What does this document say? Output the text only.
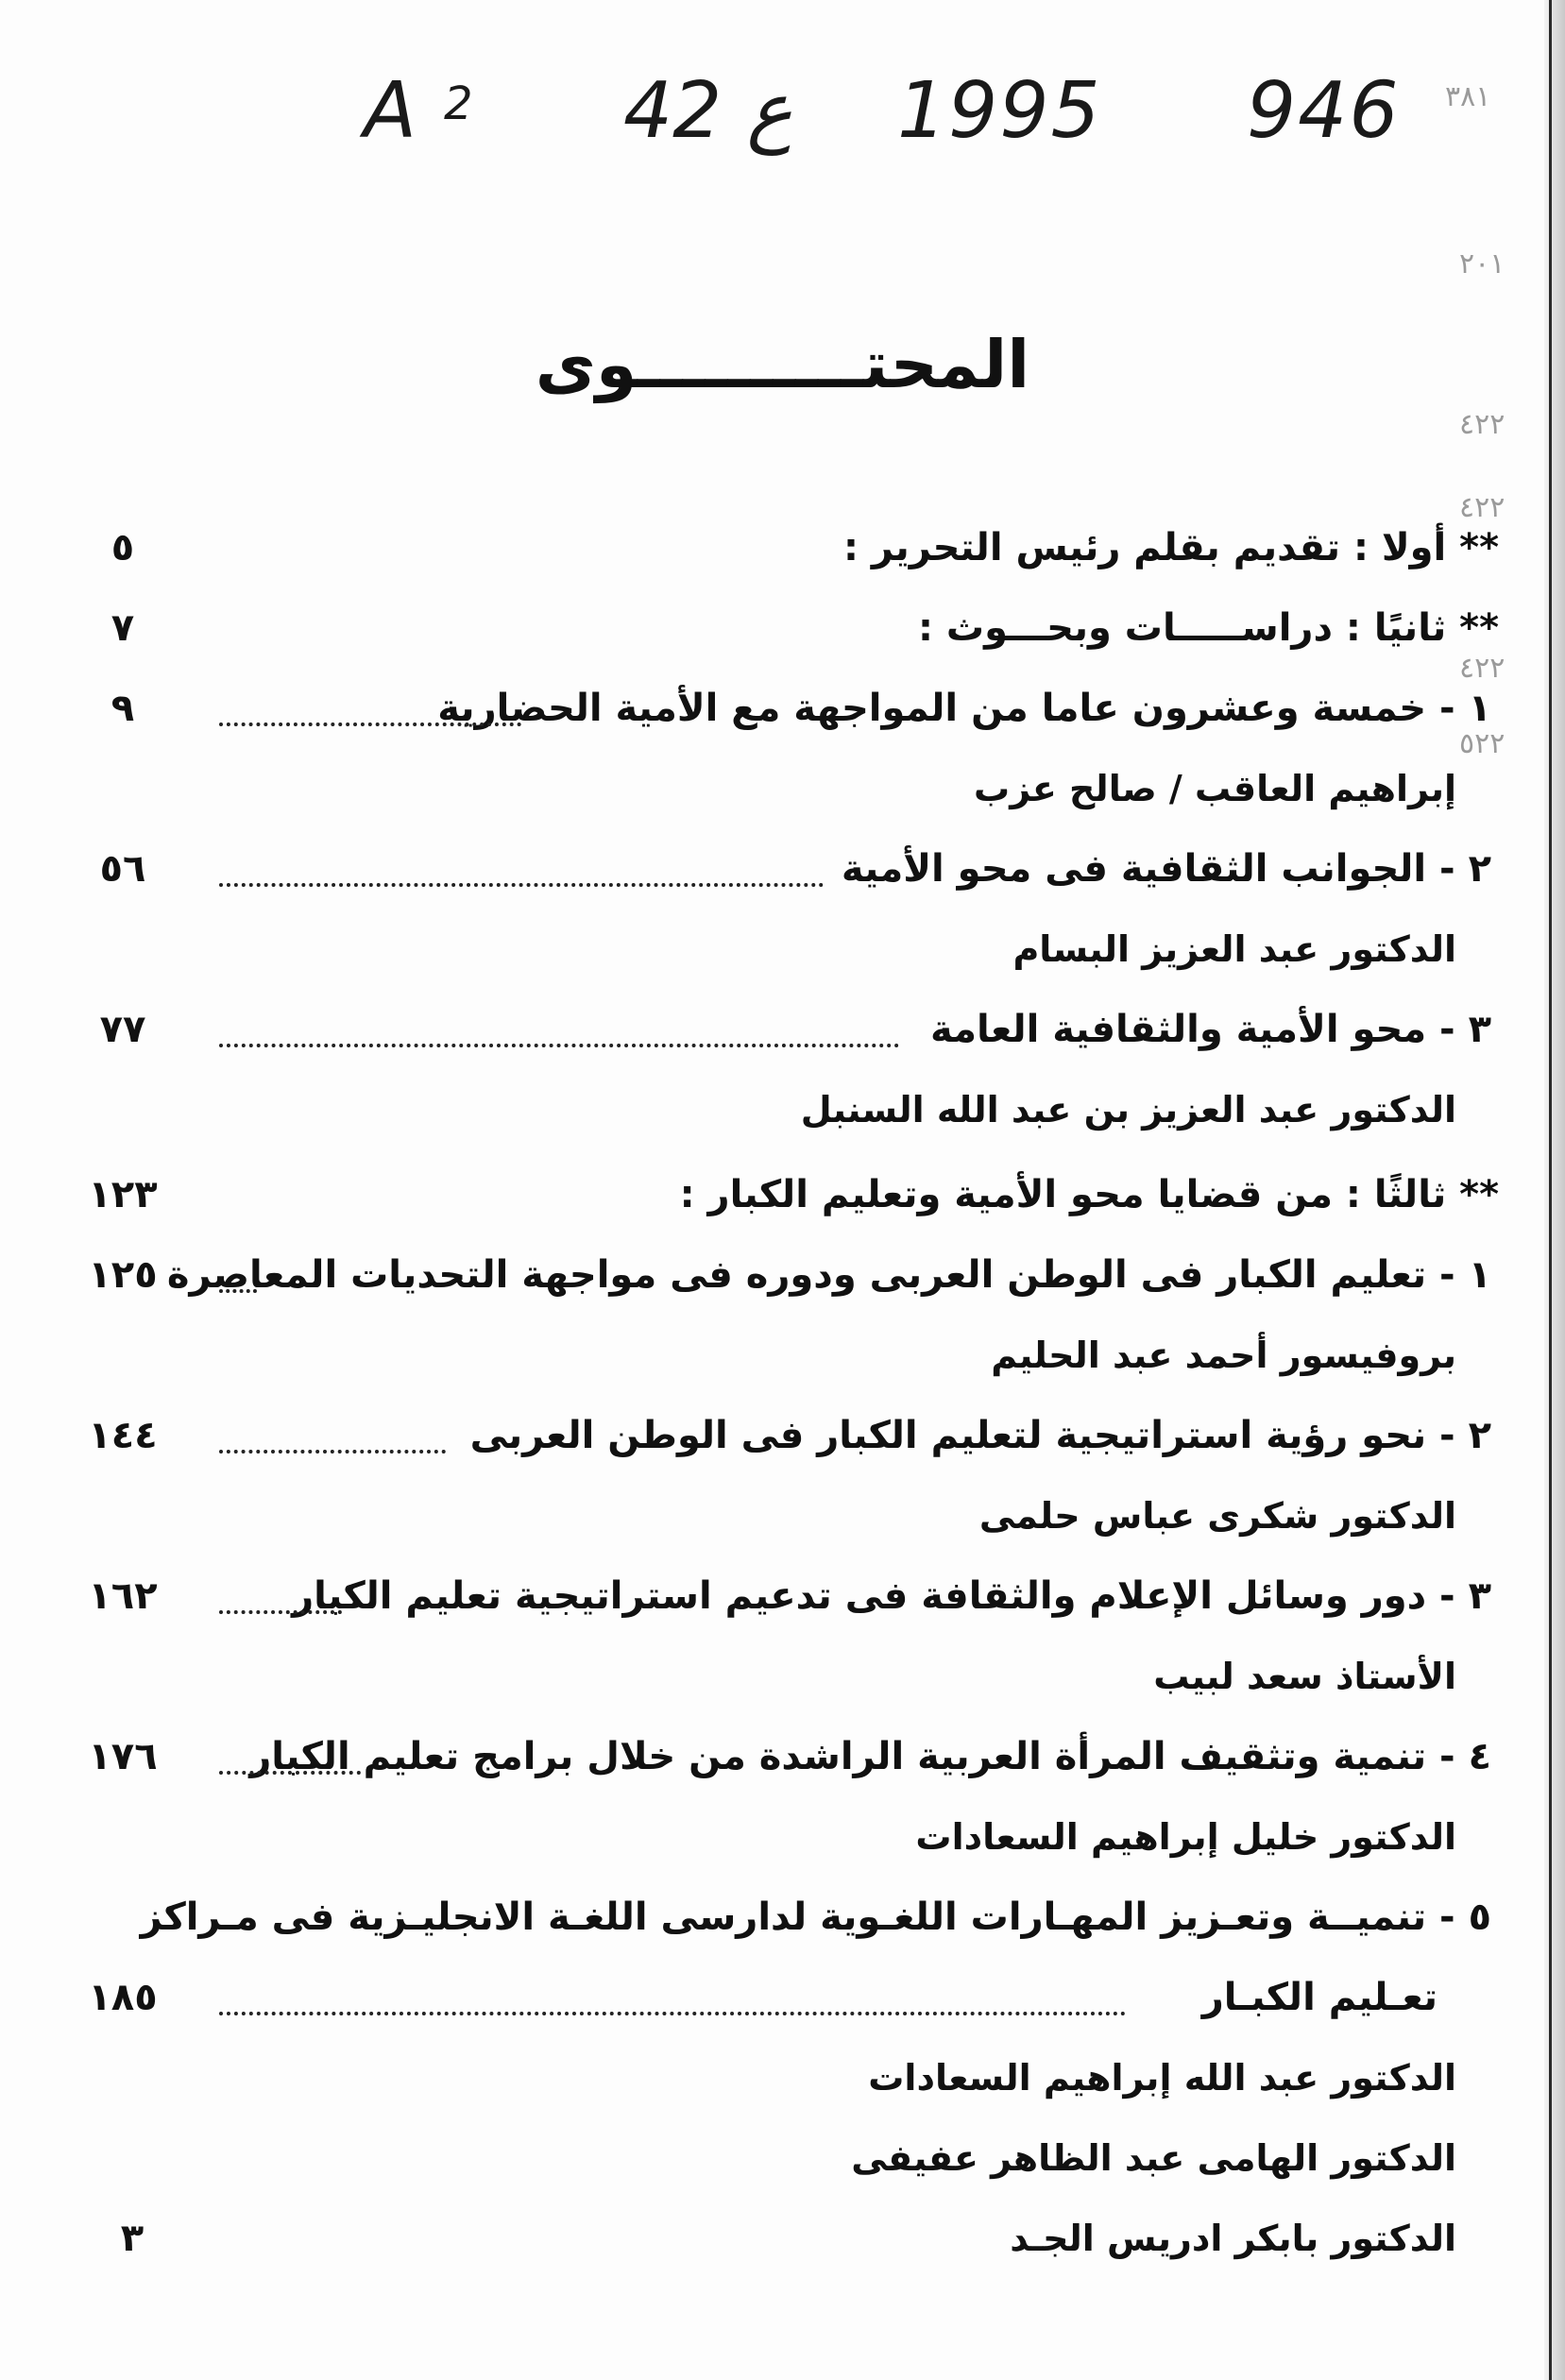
A 2 42 ع 1995 946 ٣٨١
٢٠١
٤٢٢
٤٢٢
٤٢٢
٥٢٢
المحتــــــــــوى
** أولا : تقديم بقلم رئيس التحرير :
٥
** ثانيًا : دراســـــات وبحـــوث :
٧
١ - خمسة وعشرون عاما من المواجهة مع الأمية الحضارية
٩
إبراهيم العاقب / صالح عزب
٢ - الجوانب الثقافية فى محو الأمية
٥٦
الدكتور عبد العزيز البسام
٣ - محو الأمية والثقافية العامة
٧٧
الدكتور عبد العزيز بن عبد الله السنبل
** ثالثًا : من قضايا محو الأمية وتعليم الكبار :
١٢٣
١ - تعليم الكبار فى الوطن العربى ودوره فى مواجهة التحديات المعاصرة
١٢٥
بروفيسور أحمد عبد الحليم
٢ - نحو رؤية استراتيجية لتعليم الكبار فى الوطن العربى
١٤٤
الدكتور شكرى عباس حلمى
٣ - دور وسائل الإعلام والثقافة فى تدعيم استراتيجية تعليم الكبار
١٦٢
الأستاذ سعد لبيب
٤ - تنمية وتثقيف المرأة العربية الراشدة من خلال برامج تعليم الكبار
١٧٦
الدكتور خليل إبراهيم السعادات
٥ - تنميــة وتعـزيز المهـارات اللغـوية لدارسى اللغـة الانجليـزية فى مـراكز
تعـليم الكبـار
١٨٥
الدكتور عبد الله إبراهيم السعادات
الدكتور الهامى عبد الظاهر عفيفى
الدكتور بابكر ادريس الجـد
٣
